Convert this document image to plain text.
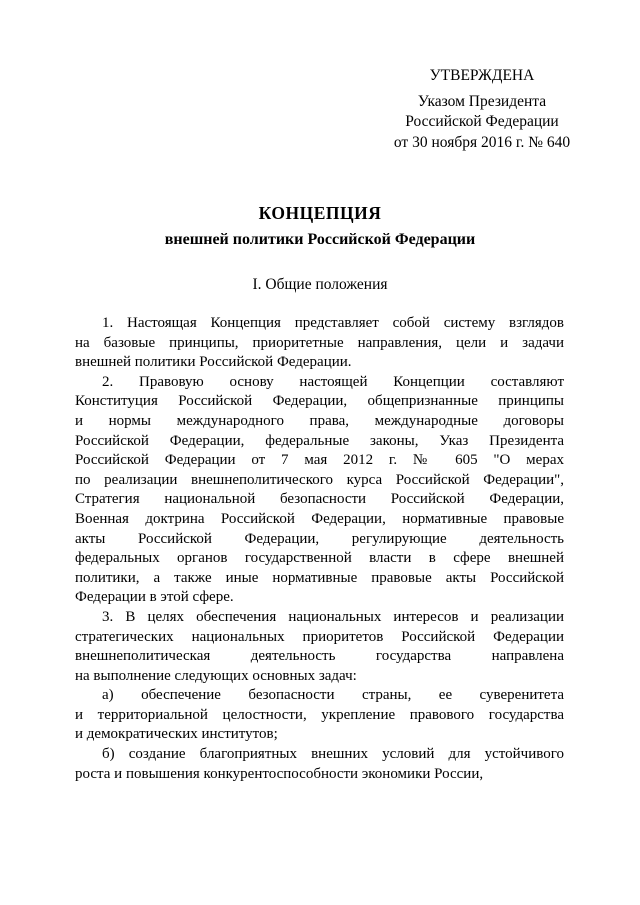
УТВЕРЖДЕНА
Указом Президента
Российской Федерации
от 30 ноября 2016 г. № 640
КОНЦЕПЦИЯ
внешней политики Российской Федерации
I. Общие положения
1. Настоящая Концепция представляет собой систему взглядов
на базовые принципы, приоритетные направления, цели и задачи
внешней политики Российской Федерации.
2. Правовую основу настоящей Концепции составляют
Конституция Российской Федерации, общепризнанные принципы
и нормы международного права, международные договоры
Российской Федерации, федеральные законы, Указ Президента
Российской Федерации от 7 мая 2012 г. № 605 "О мерах
по реализации внешнеполитического курса Российской Федерации",
Стратегия национальной безопасности Российской Федерации,
Военная доктрина Российской Федерации, нормативные правовые
акты Российской Федерации, регулирующие деятельность
федеральных органов государственной власти в сфере внешней
политики, а также иные нормативные правовые акты Российской
Федерации в этой сфере.
3. В целях обеспечения национальных интересов и реализации
стратегических национальных приоритетов Российской Федерации
внешнеполитическая деятельность государства направлена
на выполнение следующих основных задач:
а) обеспечение безопасности страны, ее суверенитета
и территориальной целостности, укрепление правового государства
и демократических институтов;
б) создание благоприятных внешних условий для устойчивого
роста и повышения конкурентоспособности экономики России,
